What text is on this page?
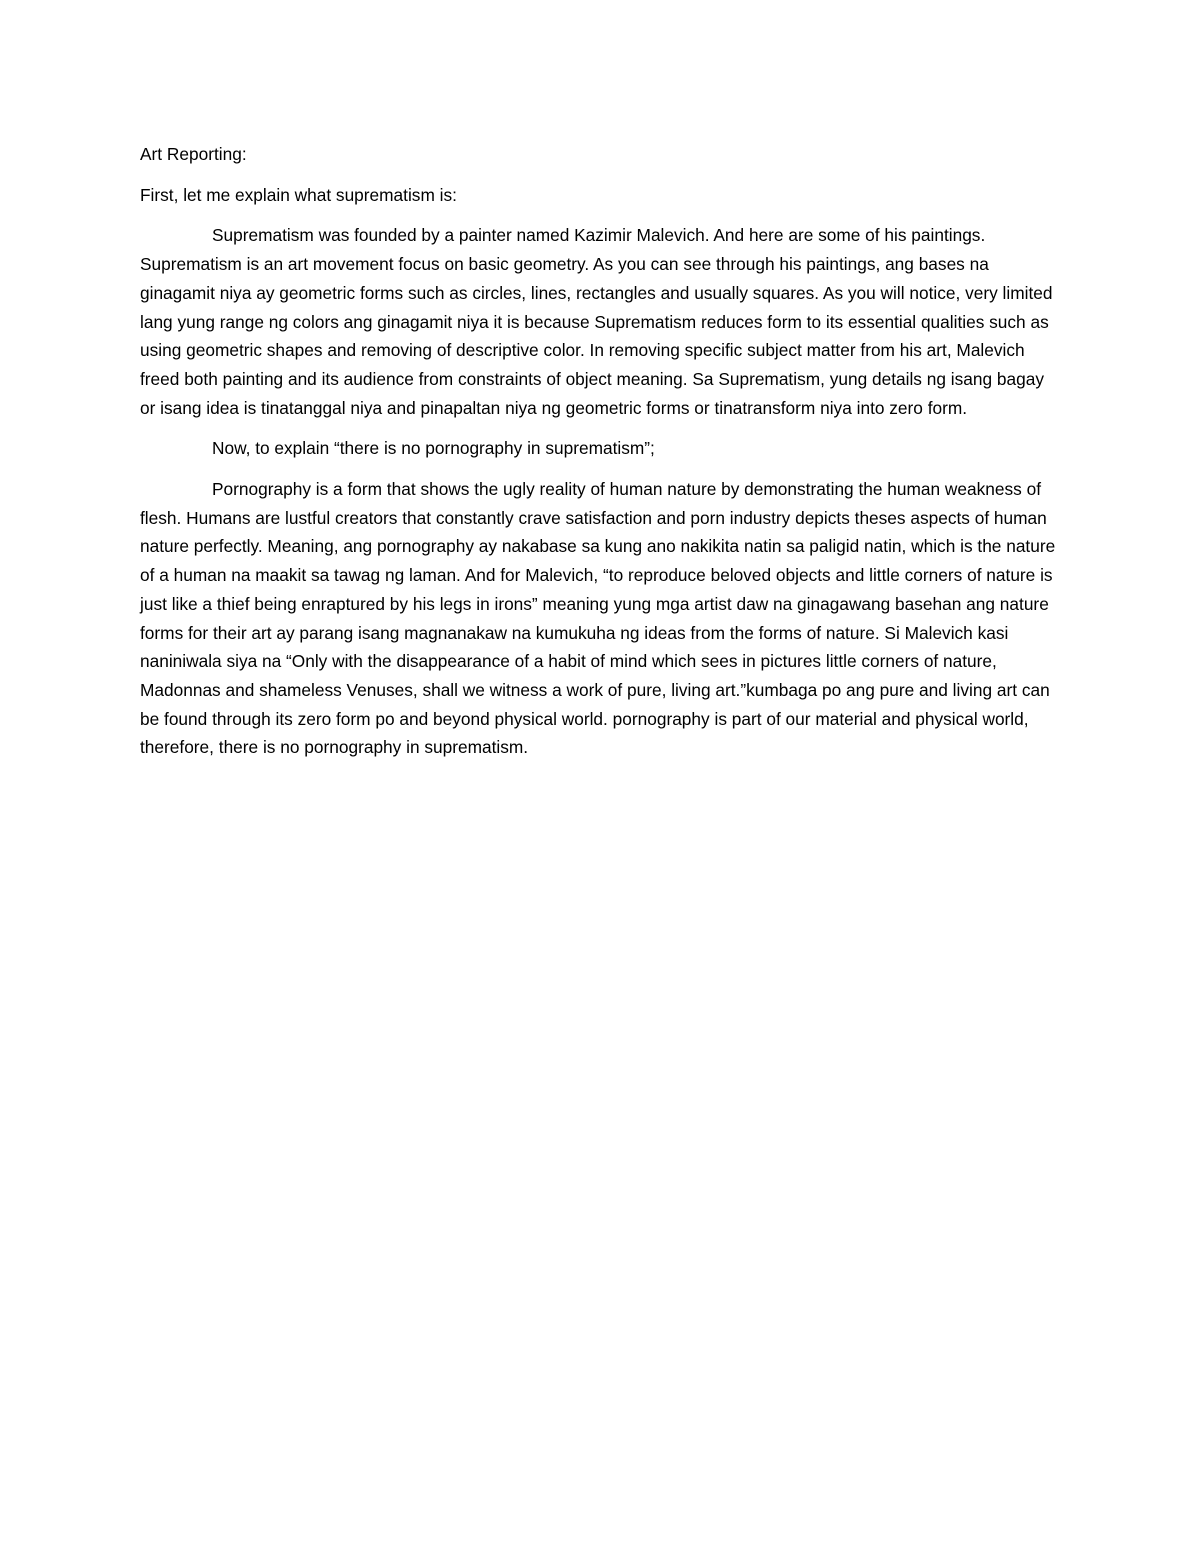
Art Reporting:

First, let me explain what suprematism is:

Suprematism was founded by a painter named Kazimir Malevich. And here are some of his paintings. Suprematism is an art movement focus on basic geometry. As you can see through his paintings, ang bases na ginagamit niya ay geometric forms such as circles, lines, rectangles and usually squares. As you will notice, very limited lang yung range ng colors ang ginagamit niya it is because Suprematism reduces form to its essential qualities such as using geometric shapes and removing of descriptive color. In removing specific subject matter from his art, Malevich freed both painting and its audience from constraints of object meaning. Sa Suprematism, yung details ng isang bagay or isang idea is tinatanggal niya and pinapaltan niya ng geometric forms or tinatransform niya into zero form.

Now, to explain “there is no pornography in suprematism”;

Pornography is a form that shows the ugly reality of human nature by demonstrating the human weakness of flesh. Humans are lustful creators that constantly crave satisfaction and porn industry depicts theses aspects of human nature perfectly. Meaning, ang pornography ay nakabase sa kung ano nakikita natin sa paligid natin, which is the nature of a human na maakit sa tawag ng laman. And for Malevich, “to reproduce beloved objects and little corners of nature is just like a thief being enraptured by his legs in irons” meaning yung mga artist daw na ginagawang basehan ang nature forms for their art ay parang isang magnanakaw na kumukuha ng ideas from the forms of nature. Si Malevich kasi naniniwala siya na “Only with the disappearance of a habit of mind which sees in pictures little corners of nature, Madonnas and shameless Venuses, shall we witness a work of pure, living art.”kumbaga po ang pure and living art can be found through its zero form po and beyond physical world. pornography is part of our material and physical world, therefore, there is no pornography in suprematism.
